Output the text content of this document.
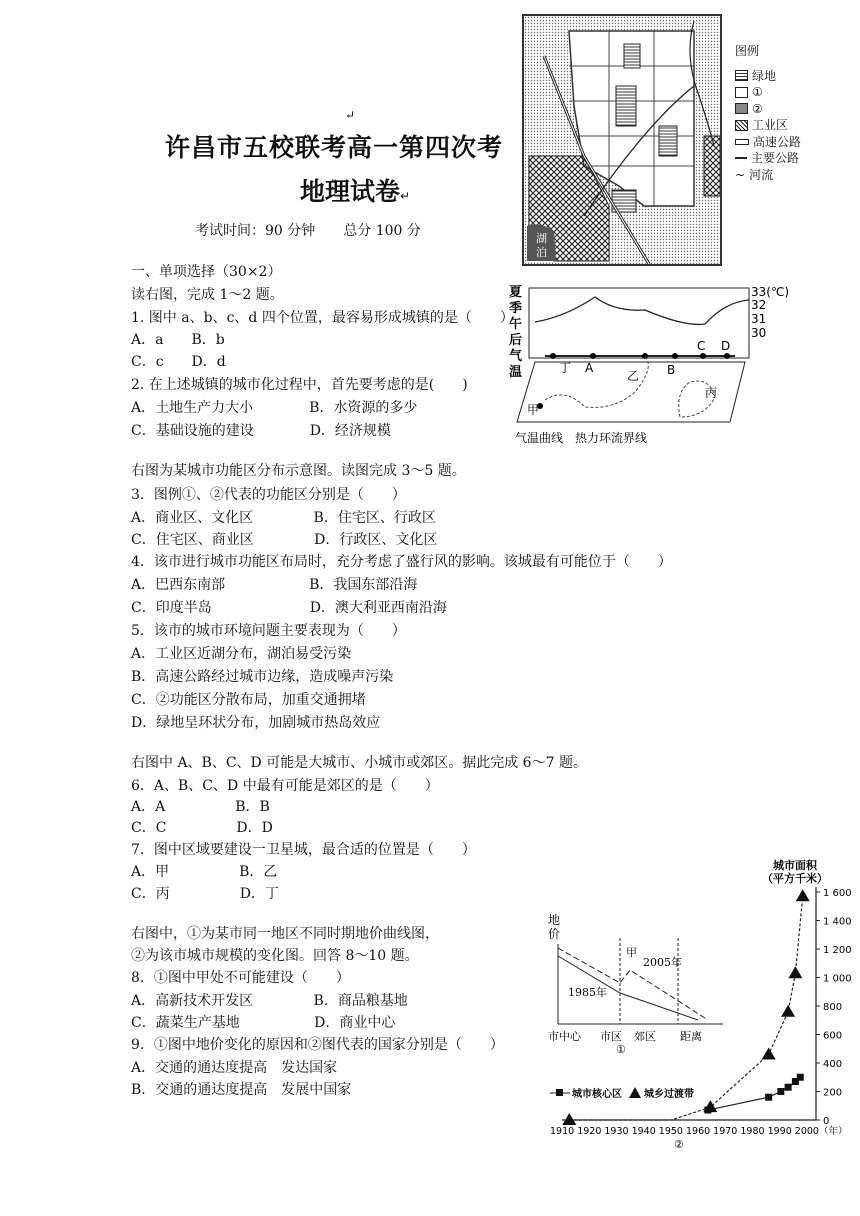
↵
许昌市五校联考高一第四次考
地理试卷↵
考试时间：90 分钟　　总分 100 分
一、单项选择（30×2）
读右图，完成 1～2 题。
1. 图中 a、b、c、d 四个位置，最容易形成城镇的是（　　）
A．a　　B．b
C．c　　D．d
2. 在上述城镇的城市化过程中，首先要考虑的是(　　)
A．土地生产力大小　　　　B．水资源的多少
C．基础设施的建设　　　　D．经济规模
右图为某城市功能区分布示意图。读图完成 3～5 题。
3．图例①、②代表的功能区分别是（　　）
A．商业区、文化区　　　　 B．住宅区、行政区
C．住宅区、商业区　　　　 D．行政区、文化区
4．该市进行城市功能区布局时，充分考虑了盛行风的影响。该城最有可能位于（　　）
A．巴西东南部　　　　　　B．我国东部沿海
C．印度半岛　　　　　　　D．澳大利亚西南沿海
5．该市的城市环境问题主要表现为（　　）
A．工业区近湖分布，湖泊易受污染
B．高速公路经过城市边缘，造成噪声污染
C．②功能区分散布局，加重交通拥堵
D．绿地呈环状分布，加剧城市热岛效应
右图中 A、B、C、D 可能是大城市、小城市或郊区。据此完成 6～7 题。
6．A、B、C、D 中最有可能是郊区的是（　　）
A．A　　　　　B．B
C．C　　　　　D．D
7．图中区域要建设一卫星城，最合适的位置是（　　）
A．甲　　　　　B．乙
C．丙　　　　　D．丁
右图中，①为某市同一地区不同时期地价曲线图，
②为该市城市规模的变化图。回答 8～10 题。
8．①图中甲处不可能建设（　　）
A．高新技术开发区　　　　 B．商品粮基地
C．蔬菜生产基地　　　　　 D．商业中心
9．①图中地价变化的原因和②图代表的国家分别是（　　）
A．交通的通达度提高　发达国家
B．交通的通达度提高　发展中国家
湖
泊
图例
绿地
①
②
工业区
高速公路
主要公路
~ 河流
夏
季
午
后
气
温
33(℃)
32
31
30
丁 A
乙 B
C D
丙
甲
气温曲线　热力环流界线
地
价
甲
2005年
1985年
市中心 市区 郊区 距离
①
城市面积
（平方千米）
1 600
1 400
1 200
1 000
800
600
400
200
0
1910 1920 1930 1940 1950 1960 1970 1980 1990 2000（年）
②
城市核心区 城乡过渡带
